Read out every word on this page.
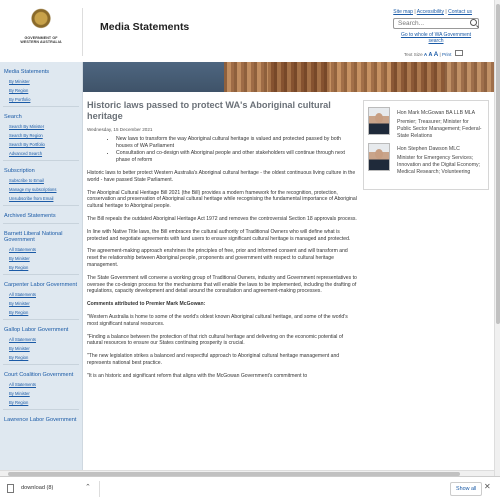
GOVERNMENT OF
WESTERN AUSTRALIA
Media Statements
Site map | Accessibility | Contact us
Search...
Go to whole of WA Government search
Text Size A A A | Print
Media Statements
By Minister
By Region
By Portfolio
Search
Search By Minister
Search By Region
Search By Portfolio
Advanced Search
Subscription
Subscribe to Email
Manage my subscriptions
Unsubscribe from Email
Archived Statements
Barnett Liberal National Government
All Statements
By Minister
By Region
Carpenter Labor Government
All Statements
By Minister
By Region
Gallop Labor Government
All Statements
By Minister
By Region
Court Coalition Government
All Statements
By Minister
By Region
Lawrence Labor Government
Historic laws passed to protect WA's Aboriginal cultural heritage
Wednesday, 15 December 2021
• New laws to transform the way Aboriginal cultural heritage is valued and protected passed by both houses of WA Parliament
• Consultation and co-design with Aboriginal people and other stakeholders will continue through next phase of reform
Historic laws to better protect Western Australia's Aboriginal cultural heritage - the oldest continuous living culture in the world - have passed State Parliament.
The Aboriginal Cultural Heritage Bill 2021 (the Bill) provides a modern framework for the recognition, protection, conservation and preservation of Aboriginal cultural heritage while recognising the fundamental importance of Aboriginal cultural heritage to Aboriginal people.
The Bill repeals the outdated Aboriginal Heritage Act 1972 and removes the controversial Section 18 approvals process.
In line with Native Title laws, the Bill embraces the cultural authority of Traditional Owners who will define what is protected and negotiate agreements with land users to ensure significant cultural heritage is managed and protected.
The agreement-making approach enshrines the principles of free, prior and informed consent and will transform and reset the relationship between Aboriginal people, proponents and government with respect to cultural heritage management.
The State Government will convene a working group of Traditional Owners, industry and Government representatives to oversee the co-design process for the mechanisms that will enable the laws to be implemented, including the drafting of regulations, capacity development and detail around the consultation and agreement-making processes.
Comments attributed to Premier Mark McGowan:
"Western Australia is home to some of the world's oldest known Aboriginal cultural heritage, and some of the world's most significant natural resources.
"Finding a balance between the protection of that rich cultural heritage and delivering on the economic potential of natural resources to ensure our States continuing prosperity is crucial.
"The new legislation strikes a balanced and respectful approach to Aboriginal cultural heritage management and represents national best practice.
"It is an historic and significant reform that aligns with the McGowan Government's commitment to
Hon Mark McGowan BA LLB MLA
Premier; Treasurer; Minister for Public Sector Management; Federal-State Relations
Hon Stephen Dawson MLC
Minister for Emergency Services; Innovation and the Digital Economy; Medical Research; Volunteering
download (8)	⌃	Show all ✕
